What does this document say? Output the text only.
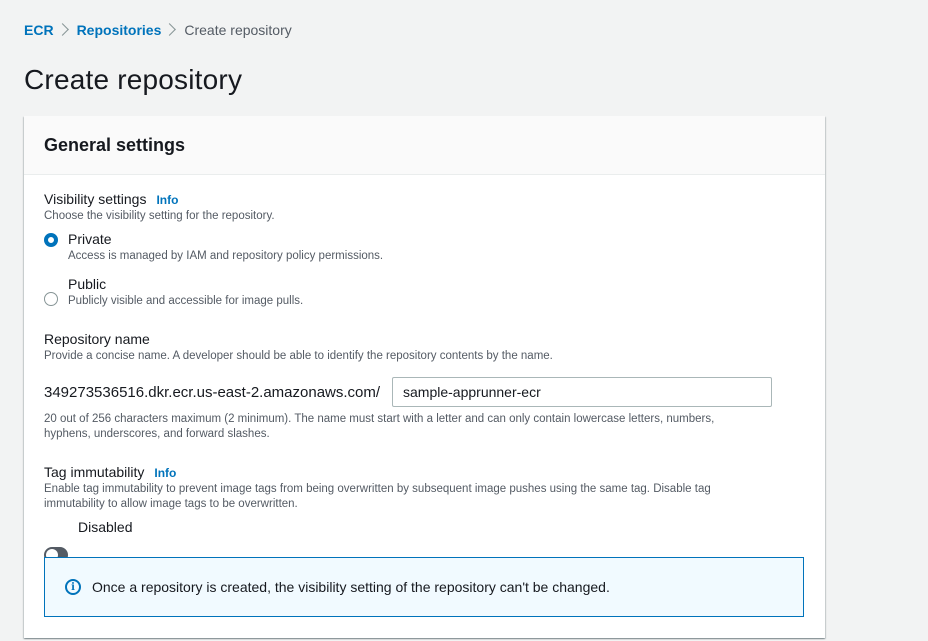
ECR Repositories Create repository
Create repository
General settings
Visibility settings Info
Choose the visibility setting for the repository.
Private
Access is managed by IAM and repository policy permissions.
Public
Publicly visible and accessible for image pulls.
Repository name
Provide a concise name. A developer should be able to identify the repository contents by the name.
349273536516.dkr.ecr.us-east-2.amazonaws.com/
sample-apprunner-ecr
20 out of 256 characters maximum (2 minimum). The name must start with a letter and can only contain lowercase letters, numbers,
hyphens, underscores, and forward slashes.
Tag immutability Info
Enable tag immutability to prevent image tags from being overwritten by subsequent image pushes using the same tag. Disable tag
immutability to allow image tags to be overwritten.
Disabled
i	Once a repository is created, the visibility setting of the repository can't be changed.
